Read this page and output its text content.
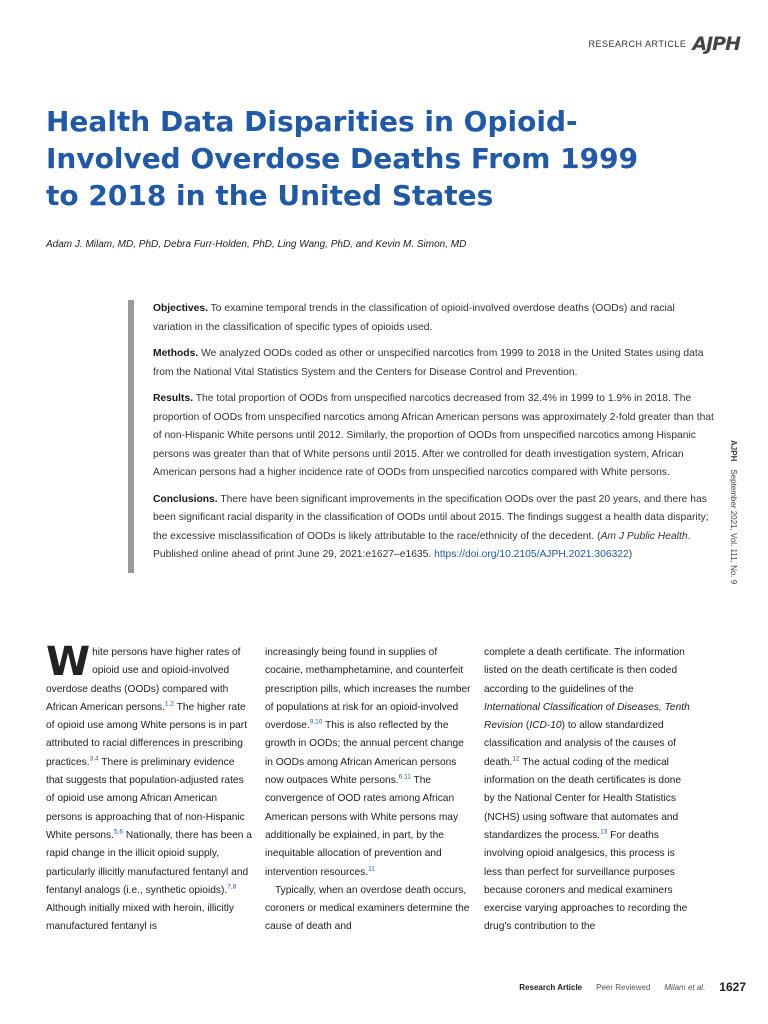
RESEARCH ARTICLE AJPH
Health Data Disparities in Opioid-Involved Overdose Deaths From 1999 to 2018 in the United States
Adam J. Milam, MD, PhD, Debra Furr-Holden, PhD, Ling Wang, PhD, and Kevin M. Simon, MD

Objectives. To examine temporal trends in the classification of opioid-involved overdose deaths (OODs) and racial variation in the classification of specific types of opioids used.

Methods. We analyzed OODs coded as other or unspecified narcotics from 1999 to 2018 in the United States using data from the National Vital Statistics System and the Centers for Disease Control and Prevention.

Results. The total proportion of OODs from unspecified narcotics decreased from 32.4% in 1999 to 1.9% in 2018. The proportion of OODs from unspecified narcotics among African American persons was approximately 2-fold greater than that of non-Hispanic White persons until 2012. Similarly, the proportion of OODs from unspecified narcotics among Hispanic persons was greater than that of White persons until 2015. After we controlled for death investigation system, African American persons had a higher incidence rate of OODs from unspecified narcotics compared with White persons.

Conclusions. There have been significant improvements in the specification OODs over the past 20 years, and there has been significant racial disparity in the classification of OODs until about 2015. The findings suggest a health data disparity; the excessive misclassification of OODs is likely attributable to the race/ethnicity of the decedent. (Am J Public Health. Published online ahead of print June 29, 2021:e1627–e1635. https://doi.org/10.2105/AJPH.2021.306322)

AJPHSeptember 2021, Vol. 111, No. 9

White persons have higher rates of opioid use and opioid-involved overdose deaths (OODs) compared with African American persons.$^{1,2}$ The higher rate of opioid use among White persons is in part attributed to racial differences in prescribing practices.$^{3,4}$ There is preliminary evidence that suggests that population-adjusted rates of opioid use among African American persons is approaching that of non-Hispanic White persons.$^{5,6}$ Nationally, there has been a rapid change in the illicit opioid supply, particularly illicitly manufactured fentanyl and fentanyl analogs (i.e., synthetic opioids).$^{7,8}$ Although initially mixed with heroin, illicitly manufactured fentanyl is

increasingly being found in supplies of cocaine, methamphetamine, and counterfeit prescription pills, which increases the number of populations at risk for an opioid-involved overdose.$^{9,10}$ This is also reflected by the growth in OODs; the annual percent change in OODs among African American persons now outpaces White persons.$^{6,11}$ The convergence of OOD rates among African American persons with White persons may additionally be explained, in part, by the inequitable allocation of prevention and intervention resources.$^{11}$

Typically, when an overdose death occurs, coroners or medical examiners determine the cause of death and

complete a death certificate. The information listed on the death certificate is then coded according to the guidelines of the International Classification of Diseases, Tenth Revision (ICD-10) to allow standardized classification and analysis of the causes of death.$^{12}$ The actual coding of the medical information on the death certificates is done by the National Center for Health Statistics (NCHS) using software that automates and standardizes the process.$^{13}$ For deaths involving opioid analgesics, this process is less than perfect for surveillance purposes because coroners and medical examiners exercise varying approaches to recording the drug's contribution to the

Research Article Peer Reviewed Milam et al. 1627
